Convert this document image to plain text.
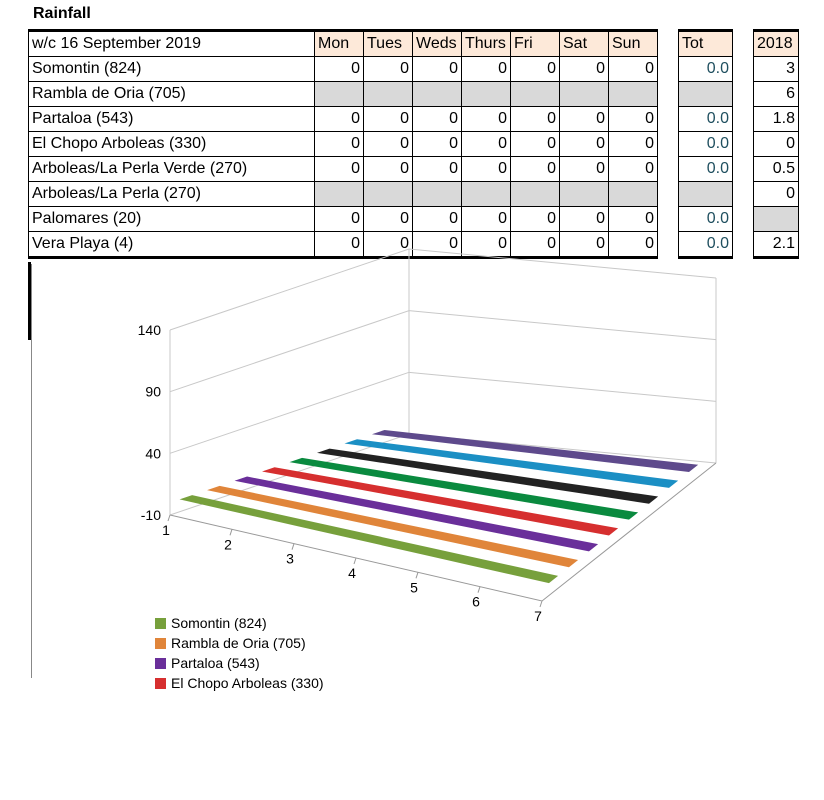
Rainfall
w/c 16 September 2019	Mon	Tues	Weds	Thurs	Fri	Sat	Sun		Tot		2018
Somontin (824)	0	0	0	0	0	0	0		0.0		3
Rambla de Oria (705)											6
Partaloa (543)	0	0	0	0	0	0	0		0.0		1.8
El Chopo Arboleas (330)	0	0	0	0	0	0	0		0.0		0
Arboleas/La Perla Verde (270)	0	0	0	0	0	0	0		0.0		0.5
Arboleas/La Perla (270)											0
Palomares (20)	0	0	0	0	0	0	0		0.0		
Vera Playa (4)	0	0	0	0	0	0	0		0.0		2.1
-10
40
90
140
1
2
3
4
5
6
7
Somontin (824)
Rambla de Oria (705)
Partaloa (543)
El Chopo Arboleas (330)
